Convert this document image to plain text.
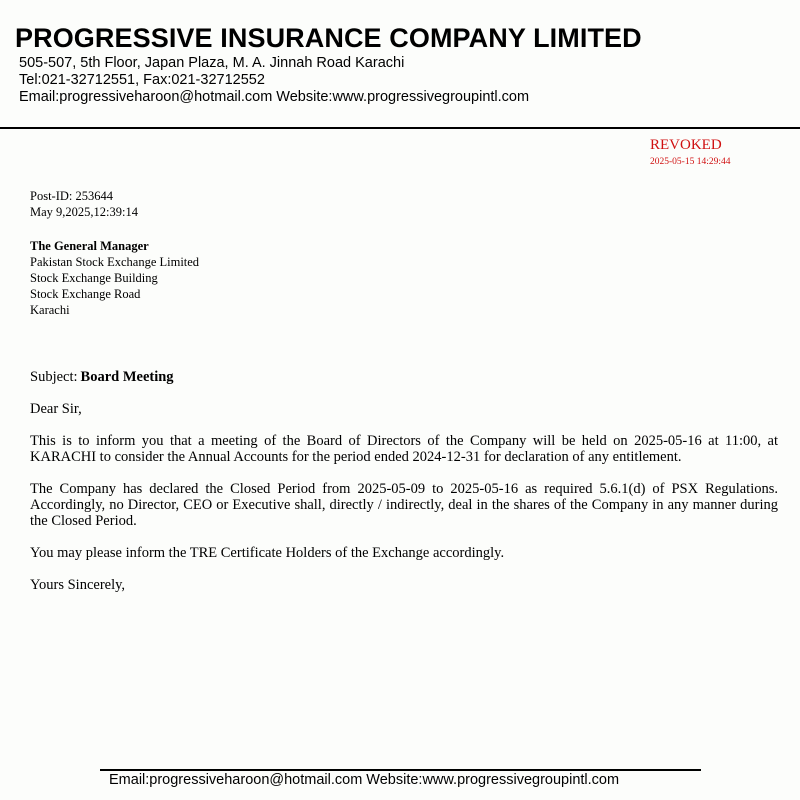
PROGRESSIVE INSURANCE COMPANY LIMITED
505-507, 5th Floor, Japan Plaza, M. A. Jinnah Road Karachi
Tel:021-32712551, Fax:021-32712552
Email:progressiveharoon@hotmail.com Website:www.progressivegroupintl.com
REVOKED
2025-05-15 14:29:44
Post-ID: 253644
May 9,2025,12:39:14
The General Manager
Pakistan Stock Exchange Limited
Stock Exchange Building
Stock Exchange Road
Karachi
Subject: Board Meeting
Dear Sir,
This is to inform you that a meeting of the Board of Directors of the Company will be held on 2025-05-16 at 11:00, at KARACHI to consider the Annual Accounts for the period ended 2024-12-31 for declaration of any entitlement.
The Company has declared the Closed Period from 2025-05-09 to 2025-05-16 as required 5.6.1(d) of PSX Regulations. Accordingly, no Director, CEO or Executive shall, directly / indirectly, deal in the shares of the Company in any manner during the Closed Period.
You may please inform the TRE Certificate Holders of the Exchange accordingly.
Yours Sincerely,
Email:progressiveharoon@hotmail.com Website:www.progressivegroupintl.com
